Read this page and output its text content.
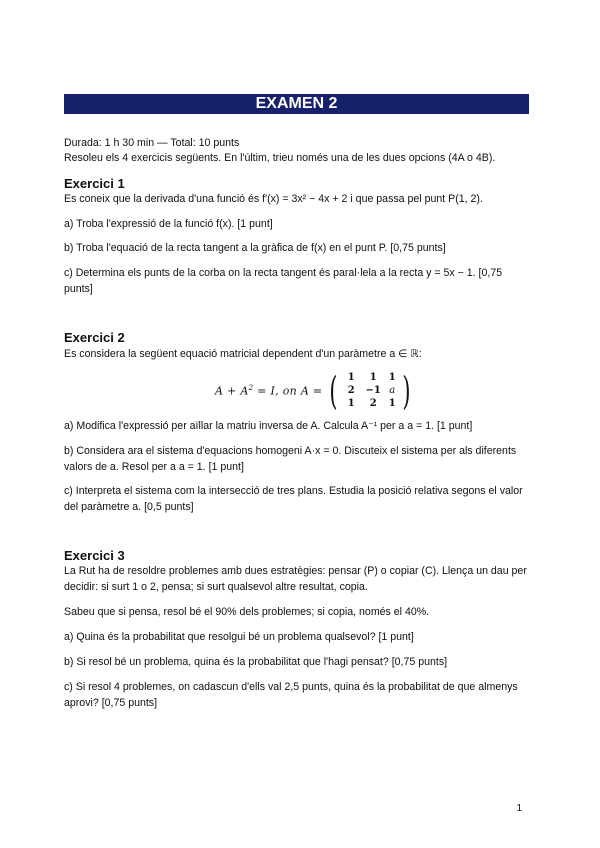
EXAMEN 2

Durada: 1 h 30 min — Total: 10 punts

Resoleu els 4 exercicis següents. En l'últim, trieu només una de les dues opcions (4A o 4B).

Exercici 1

Es coneix que la derivada d'una funció és f′(x) = 3x² − 4x + 2 i que passa pel punt P(1, 2).

a) Troba l'expressió de la funció f(x). [1 punt]

b) Troba l'equació de la recta tangent a la gràfica de f(x) en el punt P. [0,75 punts]

c) Determina els punts de la corba on la recta tangent és paral·lela a la recta y = 5x − 1. [0,75 punts]

Exercici 2

Es considera la següent equació matricial dependent d'un paràmetre a ∈ ℝ:

$A + A^2 = I$, on A = ( 1	1	1
2	−1 a
1	2	1 )

a) Modifica l'expressió per aïllar la matriu inversa de A. Calcula A⁻¹ per a a = 1. [1 punt]

b) Considera ara el sistema d'equacions homogeni A·x = 0. Discuteix el sistema per als diferents valors de a. Resol per a a = 1. [1 punt]

c) Interpreta el sistema com la intersecció de tres plans. Estudia la posició relativa segons el valor del paràmetre a. [0,5 punts]

Exercici 3

La Rut ha de resoldre problemes amb dues estratègies: pensar (P) o copiar (C). Llença un dau per decidir: si surt 1 o 2, pensa; si surt qualsevol altre resultat, copia.

Sabeu que si pensa, resol bé el 90% dels problemes; si copia, només el 40%.

a) Quina és la probabilitat que resolgui bé un problema qualsevol? [1 punt]

b) Si resol bé un problema, quina és la probabilitat que l'hagi pensat? [0,75 punts]

c) Si resol 4 problemes, on cadascun d'ells val 2,5 punts, quina és la probabilitat de que almenys aprovi? [0,75 punts]

1
